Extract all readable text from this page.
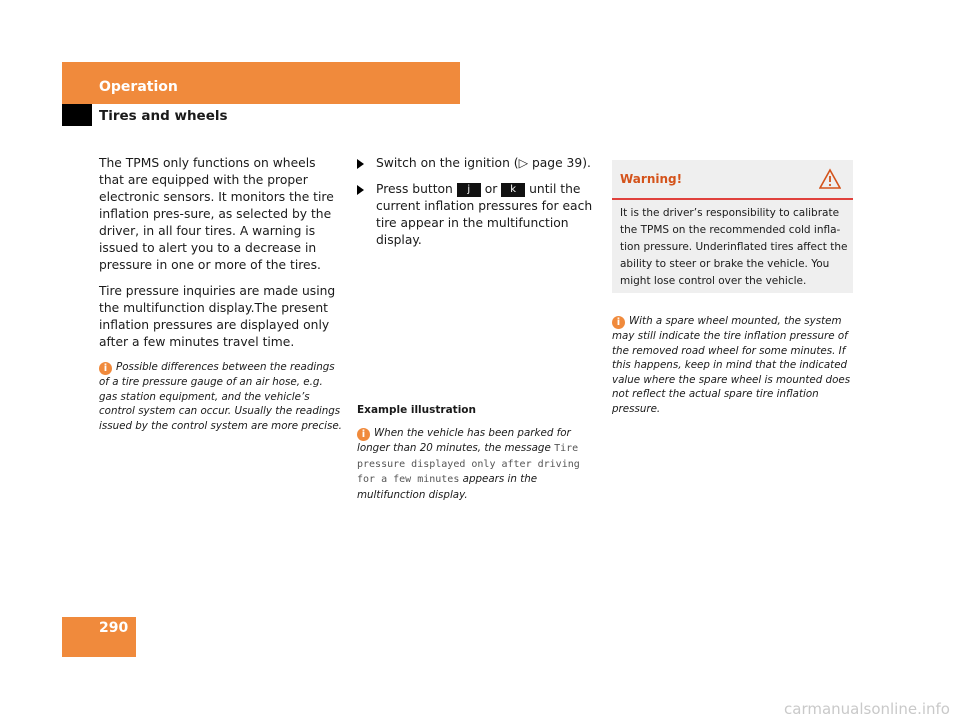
Operation
Tires and wheels

The TPMS only functions on wheels that are equipped with the proper electronic sensors. It monitors the tire inflation pres-sure, as selected by the driver, in all four tires. A warning is issued to alert you to a decrease in pressure in one or more of the tires.

Tire pressure inquiries are made using the multifunction display.The present inflation pressures are displayed only after a few minutes travel time.

i Possible differences between the readings of a tire pressure gauge of an air hose, e.g. gas station equipment, and the vehicle’s control system can occur. Usually the readings issued by the control system are more precise.
Switch on the ignition (▷ page 39).
Press button j or k until the current inflation pressures for each tire appear in the multifunction display.
Example illustration
i When the vehicle has been parked for longer than 20 minutes, the message Tire pressure displayed only after driving for a few minutes appears in the multifunction display.
Warning!
It is the driver’s responsibility to calibrate the TPMS on the recommended cold infla-tion pressure. Underinflated tires affect the ability to steer or brake the vehicle. You might lose control over the vehicle.
i With a spare wheel mounted, the system may still indicate the tire inflation pressure of the removed road wheel for some minutes. If this happens, keep in mind that the indicated value where the spare wheel is mounted does not reflect the actual spare tire inflation pressure.
290
carmanualsonline.info
